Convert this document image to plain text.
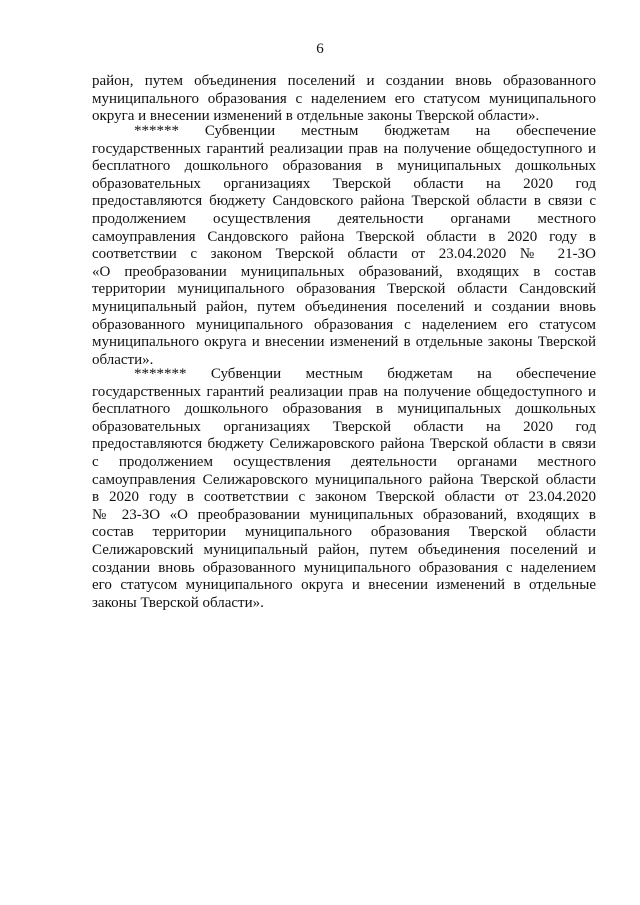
6
район, путем объединения поселений и создании вновь образованного
муниципального образования с наделением его статусом муниципального
округа и внесении изменений в отдельные законы Тверской области».
****** Субвенции местным бюджетам на обеспечение
государственных гарантий реализации прав на получение общедоступного и
бесплатного дошкольного образования в муниципальных дошкольных
образовательных организациях Тверской области на 2020 год
предоставляются бюджету Сандовского района Тверской области в связи с
продолжением осуществления деятельности органами местного
самоуправления Сандовского района Тверской области в 2020 году в
соответствии с законом Тверской области от 23.04.2020 № 21-ЗО
«О преобразовании муниципальных образований, входящих в состав
территории муниципального образования Тверской области Сандовский
муниципальный район, путем объединения поселений и создании вновь
образованного муниципального образования с наделением его статусом
муниципального округа и внесении изменений в отдельные законы Тверской
области».
******* Субвенции местным бюджетам на обеспечение
государственных гарантий реализации прав на получение общедоступного и
бесплатного дошкольного образования в муниципальных дошкольных
образовательных организациях Тверской области на 2020 год
предоставляются бюджету Селижаровского района Тверской области в связи
с продолжением осуществления деятельности органами местного
самоуправления Селижаровского муниципального района Тверской области
в 2020 году в соответствии с законом Тверской области от 23.04.2020
№ 23-ЗО «О преобразовании муниципальных образований, входящих в
состав территории муниципального образования Тверской области
Селижаровский муниципальный район, путем объединения поселений и
создании вновь образованного муниципального образования с наделением
его статусом муниципального округа и внесении изменений в отдельные
законы Тверской области».
